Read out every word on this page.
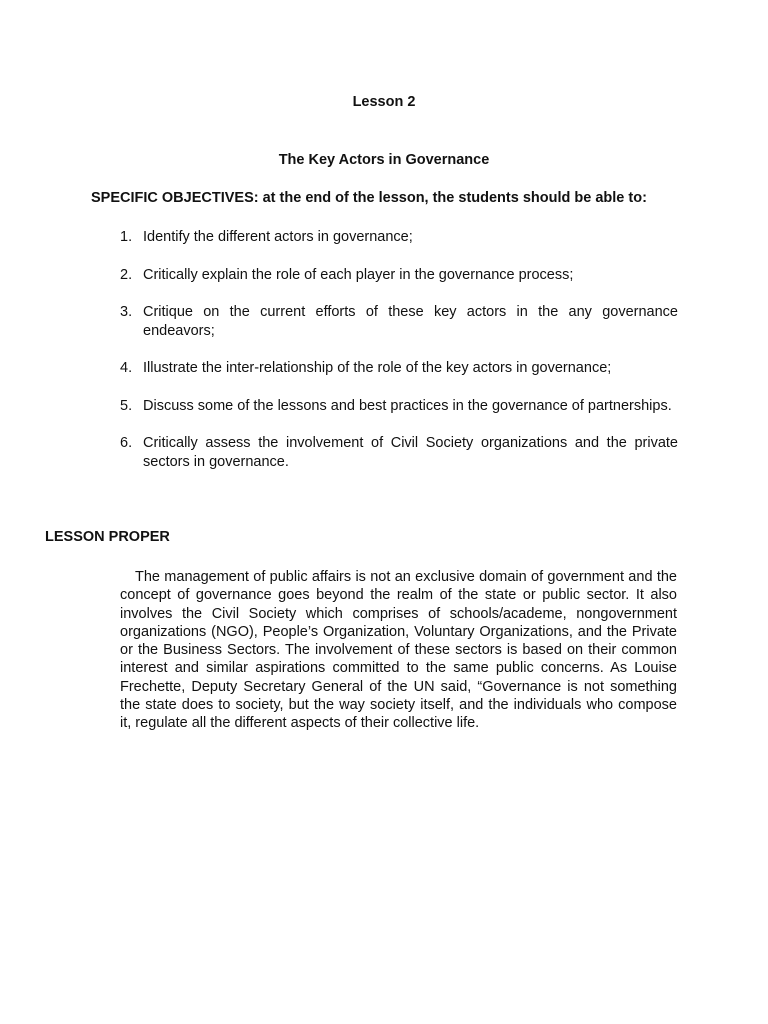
Lesson 2
The Key Actors in Governance
SPECIFIC OBJECTIVES: at the end of the lesson, the students should be able to:
1. Identify the different actors in governance;
2. Critically explain the role of each player in the governance process;
3. Critique on the current efforts of these key actors in the any governance endeavors;
4. Illustrate the inter-relationship of the role of the key actors in governance;
5. Discuss some of the lessons and best practices in the governance of partnerships.
6. Critically assess the involvement of Civil Society organizations and the private sectors in governance.
LESSON PROPER

The management of public affairs is not an exclusive domain of government and the concept of governance goes beyond the realm of the state or public sector. It also involves the Civil Society which comprises of schools/academe, nongovernment organizations (NGO), People’s Organization, Voluntary Organizations, and the Private or the Business Sectors. The involvement of these sectors is based on their common interest and similar aspirations committed to the same public concerns. As Louise Frechette, Deputy Secretary General of the UN said, “Governance is not something the state does to society, but the way society itself, and the individuals who compose it, regulate all the different aspects of their collective life.
